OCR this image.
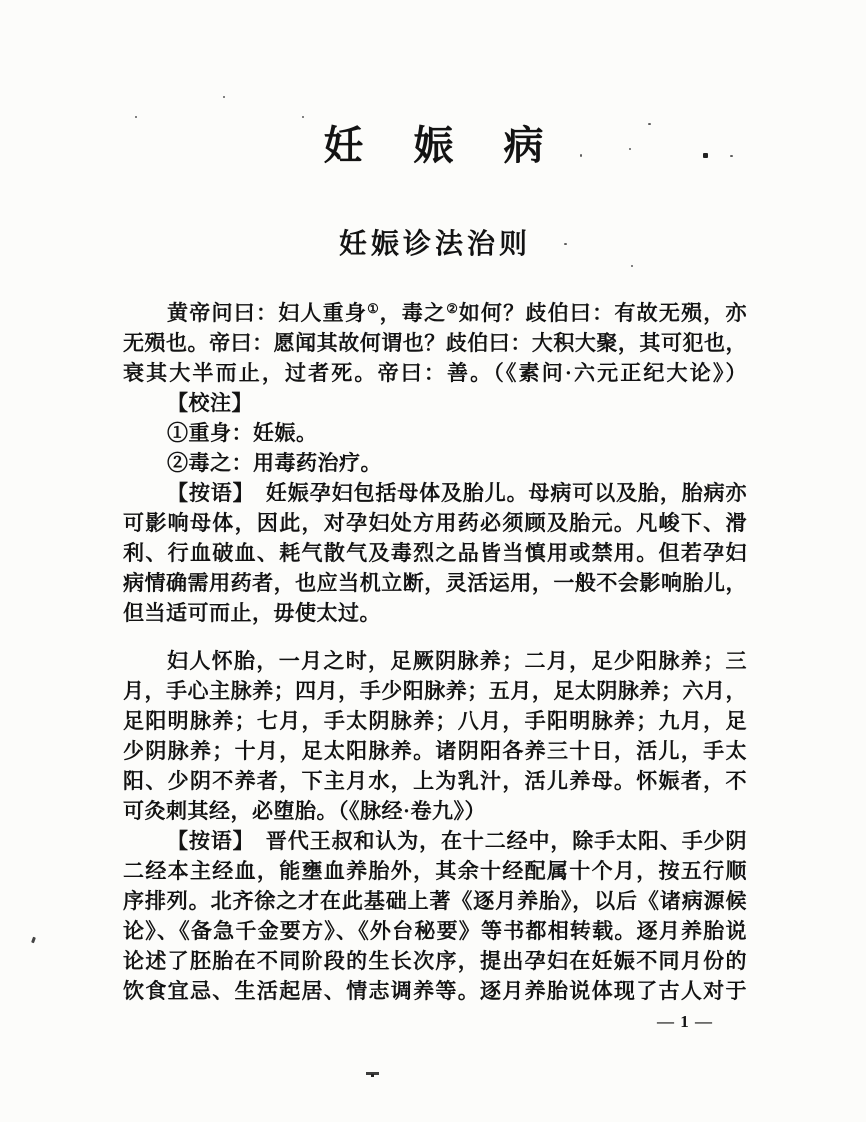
妊 娠 病
妊娠诊法治则
黄帝问曰：妇人重身①，毒之②如何？歧伯曰：有故无殒，亦
无殒也。帝曰：愿闻其故何谓也？歧伯曰：大积大聚，其可犯也，
衰其大半而止，过者死。帝曰：善。（《素问·六元正纪大论》）
【校注】
①重身：妊娠。
②毒之：用毒药治疗。
【按语】　妊娠孕妇包括母体及胎儿。母病可以及胎，胎病亦
可影响母体，因此，对孕妇处方用药必须顾及胎元。凡峻下、滑
利、行血破血、耗气散气及毒烈之品皆当慎用或禁用。但若孕妇
病情确需用药者，也应当机立断，灵活运用，一般不会影响胎儿，
但当适可而止，毋使太过。
妇人怀胎，一月之时，足厥阴脉养；二月，足少阳脉养；三
月，手心主脉养；四月，手少阳脉养；五月，足太阴脉养；六月，
足阳明脉养；七月，手太阴脉养；八月，手阳明脉养；九月，足
少阴脉养；十月，足太阳脉养。诸阴阳各养三十日，活儿，手太
阳、少阴不养者，下主月水，上为乳汁，活儿养母。怀娠者，不
可灸刺其经，必堕胎。（《脉经·卷九》）
【按语】　晋代王叔和认为，在十二经中，除手太阳、手少阴
二经本主经血，能壅血养胎外，其余十经配属十个月，按五行顺
序排列。北齐徐之才在此基础上著《逐月养胎》，以后《诸病源候
论》、《备急千金要方》、《外台秘要》等书都相转载。逐月养胎说
论述了胚胎在不同阶段的生长次序，提出孕妇在妊娠不同月份的
饮食宜忌、生活起居、情志调养等。逐月养胎说体现了古人对于
— 1 —
